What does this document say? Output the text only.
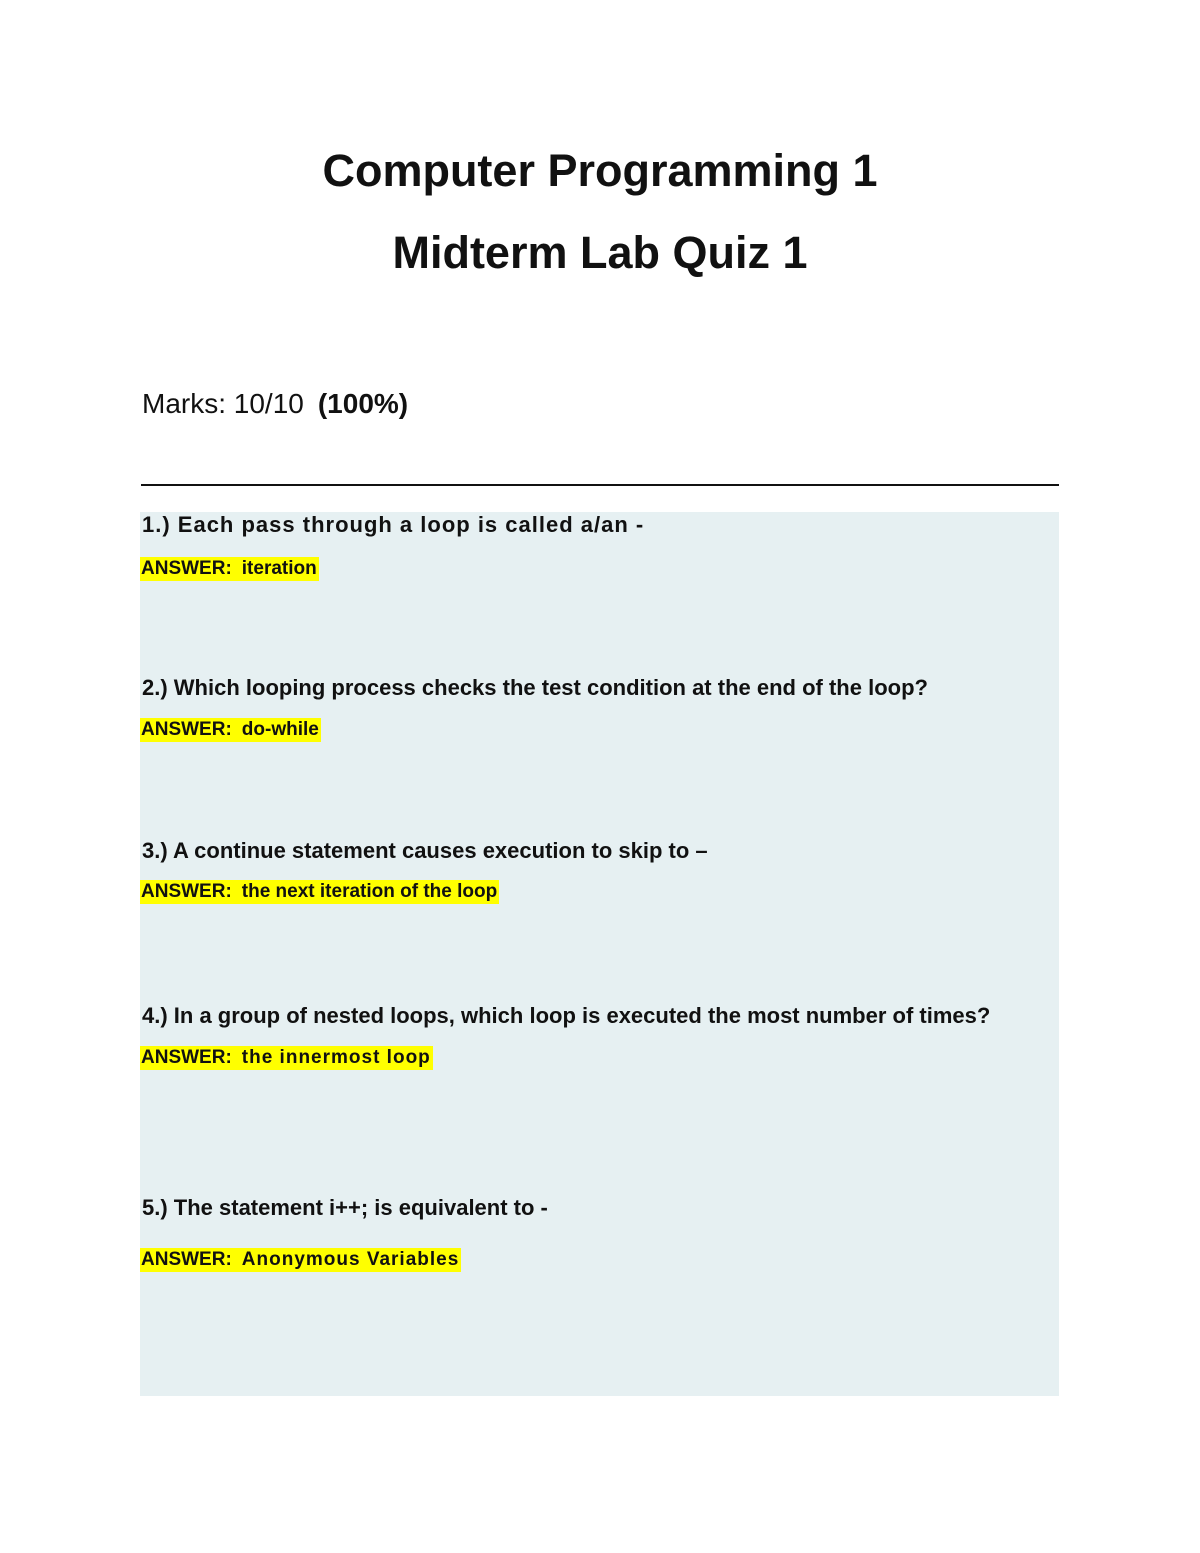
Computer Programming 1
Midterm Lab Quiz 1
Marks: 10/10 (100%)
1.) Each pass through a loop is called a/an -
ANSWER: iteration
2.) Which looping process checks the test condition at the end of the loop?
ANSWER: do-while
3.) A continue statement causes execution to skip to –
ANSWER: the next iteration of the loop
4.) In a group of nested loops, which loop is executed the most number of times?
ANSWER: the innermost loop
5.) The statement i++; is equivalent to -
ANSWER: Anonymous Variables
